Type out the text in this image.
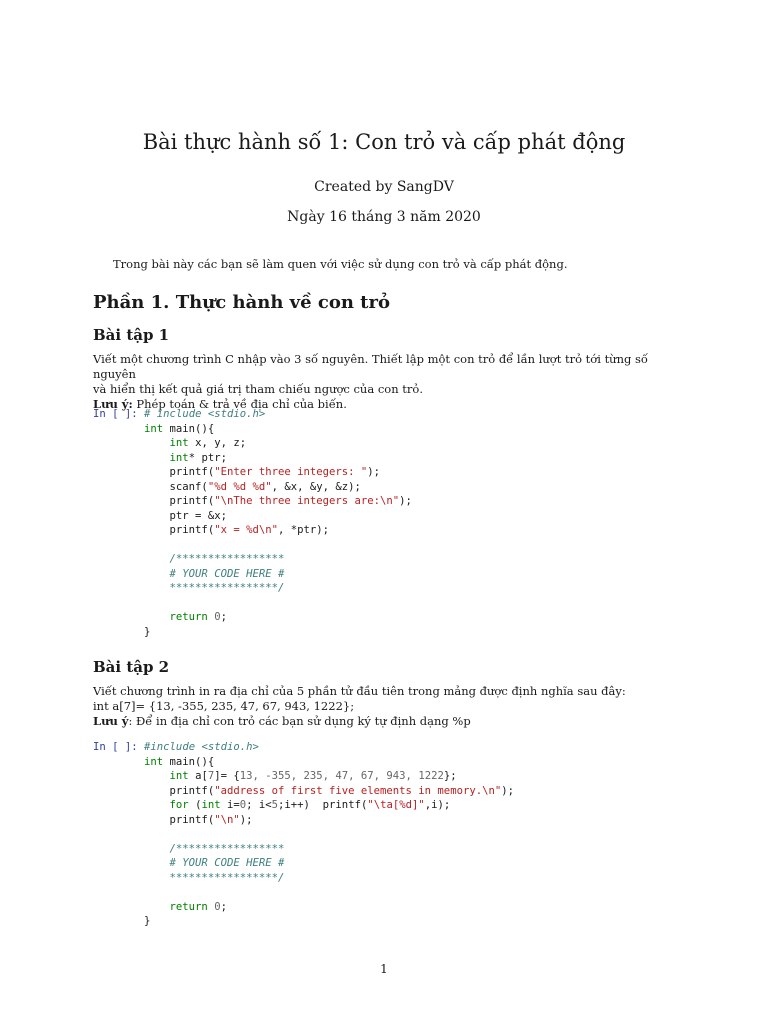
Bài thực hành số 1: Con trỏ và cấp phát động
Created by SangDV
Ngày 16 tháng 3 năm 2020
Trong bài này các bạn sẽ làm quen với việc sử dụng con trỏ và cấp phát động.
Phần 1. Thực hành về con trỏ
Bài tập 1
Viết một chương trình C nhập vào 3 số nguyên. Thiết lập một con trỏ để lần lượt trỏ tới từng số nguyên
và hiển thị kết quả giá trị tham chiếu ngược của con trỏ.
Lưu ý: Phép toán & trả về địa chỉ của biến.
In [ ]: # include <stdio.h>
int main(){
int x, y, z;
int* ptr;
printf("Enter three integers: ");
scanf("%d %d %d", &x, &y, &z);
printf("\nThe three integers are:\n");
ptr = &x;
printf("x = %d\n", *ptr);

/*****************
# YOUR CODE HERE #
*****************/

return 0;
}
Bài tập 2
Viết chương trình in ra địa chỉ của 5 phần tử đầu tiên trong mảng được định nghĩa sau đây:
int a[7]= {13, -355, 235, 47, 67, 943, 1222};
Lưu ý: Để in địa chỉ con trỏ các bạn sử dụng ký tự định dạng %p
In [ ]: #include <stdio.h>
int main(){
int a[7]= {13, -355, 235, 47, 67, 943, 1222};
printf("address of first five elements in memory.\n");
for (int i=0; i<5;i++)  printf("\ta[%d]",i);
printf("\n");

/*****************
# YOUR CODE HERE #
*****************/

return 0;
}
1
